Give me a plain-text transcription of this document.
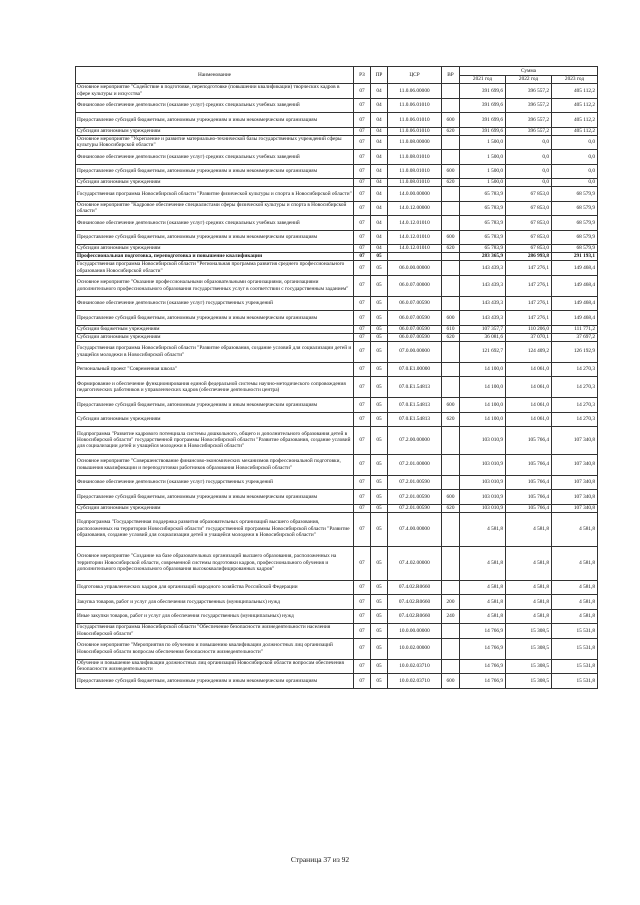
Наименование	РЗ	ПР	ЦСР	ВР	Сумма		
					2021 год	2022 год	2023 год
Основное мероприятие "Содействие в подготовке, переподготовке (повышении квалификации) творческих кадров в сфере культуры и искусства"	07	04	11.0.06.00000		391 699,6	396 557,2	405 112,2
Финансовое обеспечение деятельности (оказание услуг) средних специальных учебных заведений	07	04	11.0.06.01010		391 699,6	396 557,2	405 112,2
Предоставление субсидий бюджетным, автономным учреждениям и иным некоммерческим организациям	07	04	11.0.06.01010	600	391 699,6	396 557,2	405 112,2
Субсидии автономным учреждениям	07	04	11.0.06.01010	620	391 699,6	396 557,2	405 112,2
Основное мероприятие "Укрепление и развитие материально-технической базы государственных учреждений сферы культуры Новосибирской области"	07	04	11.0.08.00000		1 500,0	0,0	0,0
Финансовое обеспечение деятельности (оказание услуг) средних специальных учебных заведений	07	04	11.0.08.01010		1 500,0	0,0	0,0
Предоставление субсидий бюджетным, автономным учреждениям и иным некоммерческим организациям	07	04	11.0.08.01010	600	1 500,0	0,0	0,0
Субсидии автономным учреждениям	07	04	11.0.08.01010	620	1 500,0	0,0	0,0
Государственная программа Новосибирской области "Развитие физической культуры и спорта в Новосибирской области"	07	04	14.0.00.00000		65 783,9	67 853,0	68 579,9
Основное мероприятие "Кадровое обеспечение специалистами сферы физической культуры и спорта в Новосибирской области"	07	04	14.0.12.00000		65 783,9	67 853,0	68 579,9
Финансовое обеспечение деятельности (оказание услуг) средних специальных учебных заведений	07	04	14.0.12.01010		65 783,9	67 853,0	68 579,9
Предоставление субсидий бюджетным, автономным учреждениям и иным некоммерческим организациям	07	04	14.0.12.01010	600	65 783,9	67 853,0	68 579,9
Субсидии автономным учреждениям	07	04	14.0.12.01010	620	65 783,9	67 853,0	68 579,9
Профессиональная подготовка, переподготовка и повышение квалификации	07	05			283 365,9	286 993,8	291 193,1
Государственная программа Новосибирской области "Региональная программа развития среднего профессионального образования Новосибирской области"	07	05	06.0.00.00000		143 439,3	147 276,1	149 468,4
Основное мероприятие "Оказание профессиональными образовательными организациями, организациями дополнительного профессионального образования государственных услуг в соответствии с государственным заданием"	07	05	06.0.07.00000		143 439,3	147 276,1	149 468,4
Финансовое обеспечение деятельности (оказание услуг) государственных учреждений	07	05	06.0.07.00590		143 439,3	147 276,1	149 468,4
Предоставление субсидий бюджетным, автономным учреждениям и иным некоммерческим организациям	07	05	06.0.07.00590	600	143 439,3	147 276,1	149 468,4
Субсидии бюджетным учреждениям	07	05	06.0.07.00590	610	107 357,7	110 206,0	111 771,2
Субсидии автономным учреждениям	07	05	06.0.07.00590	620	36 081,6	37 070,1	37 697,2
Государственная программа Новосибирской области "Развитие образования, создание условий для социализации детей и учащейся молодежи в Новосибирской области"	07	05	07.0.00.00000		121 692,7	124 409,2	126 192,9
Региональный проект "Современная школа"	07	05	07.0.E1.00000		14 100,0	14 061,0	14 270,3
Формирование и обеспечение функционирования единой федеральной системы научно-методического сопровождения педагогических работников и управленческих кадров (обеспечение деятельности центра)	07	05	07.0.E1.54813		14 100,0	14 061,0	14 270,3
Предоставление субсидий бюджетным, автономным учреждениям и иным некоммерческим организациям	07	05	07.0.E1.54813	600	14 100,0	14 061,0	14 270,3
Субсидии автономным учреждениям	07	05	07.0.E1.54813	620	14 100,0	14 061,0	14 270,3
Подпрограмма "Развитие кадрового потенциала системы дошкольного, общего и дополнительного образования детей в Новосибирской области" государственной программы Новосибирской области "Развитие образования, создание условий для социализации детей и учащейся молодежи в Новосибирской области"	07	05	07.2.00.00000		103 010,9	105 766,4	107 340,8
Основное мероприятие "Совершенствование финансово-экономических механизмов профессиональной подготовки, повышения квалификации и переподготовки работников образования Новосибирской области"	07	05	07.2.01.00000		103 010,9	105 766,4	107 340,8
Финансовое обеспечение деятельности (оказание услуг) государственных учреждений	07	05	07.2.01.00590		103 010,9	105 766,4	107 340,8
Предоставление субсидий бюджетным, автономным учреждениям и иным некоммерческим организациям	07	05	07.2.01.00590	600	103 010,9	105 766,4	107 340,8
Субсидии автономным учреждениям	07	05	07.2.01.00590	620	103 010,9	105 766,4	107 340,8
Подпрограмма "Государственная поддержка развития образовательных организаций высшего образования, расположенных на территории Новосибирской области" государственной программы Новосибирской области "Развитие образования, создание условий для социализации детей и учащейся молодежи в Новосибирской области"	07	05	07.4.00.00000		4 581,8	4 581,8	4 581,8
Основное мероприятие "Создание на базе образовательных организаций высшего образования, расположенных на территории Новосибирской области, современной системы подготовки кадров, профессионального обучения и дополнительного профессионального образования высококвалифицированных кадров"	07	05	07.4.02.00000		4 581,8	4 581,8	4 581,8
Подготовка управленческих кадров для организаций народного хозяйства Российской Федерации	07	05	07.4.02.R0660		4 581,8	4 581,8	4 581,8
Закупка товаров, работ и услуг для обеспечения государственных (муниципальных) нужд	07	05	07.4.02.R0660	200	4 581,8	4 581,8	4 581,8
Иные закупки товаров, работ и услуг для обеспечения государственных (муниципальных) нужд	07	05	07.4.02.R0660	240	4 581,8	4 581,8	4 581,8
Государственная программа Новосибирской области "Обеспечение безопасности жизнедеятельности населения Новосибирской области"	07	05	10.0.00.00000		14 766,9	15 308,5	15 531,8
Основное мероприятие "Мероприятия по обучению и повышению квалификации должностных лиц организаций Новосибирской области вопросам обеспечения безопасности жизнедеятельности"	07	05	10.0.02.00000		14 766,9	15 308,5	15 531,8
Обучение и повышение квалификации должностных лиц организаций Новосибирской области вопросам обеспечения безопасности жизнедеятельности	07	05	10.0.02.03710		14 766,9	15 308,5	15 531,8
Предоставление субсидий бюджетным, автономным учреждениям и иным некоммерческим организациям	07	05	10.0.02.03710	600	14 766,9	15 308,5	15 531,8
Страница 37 из 92
